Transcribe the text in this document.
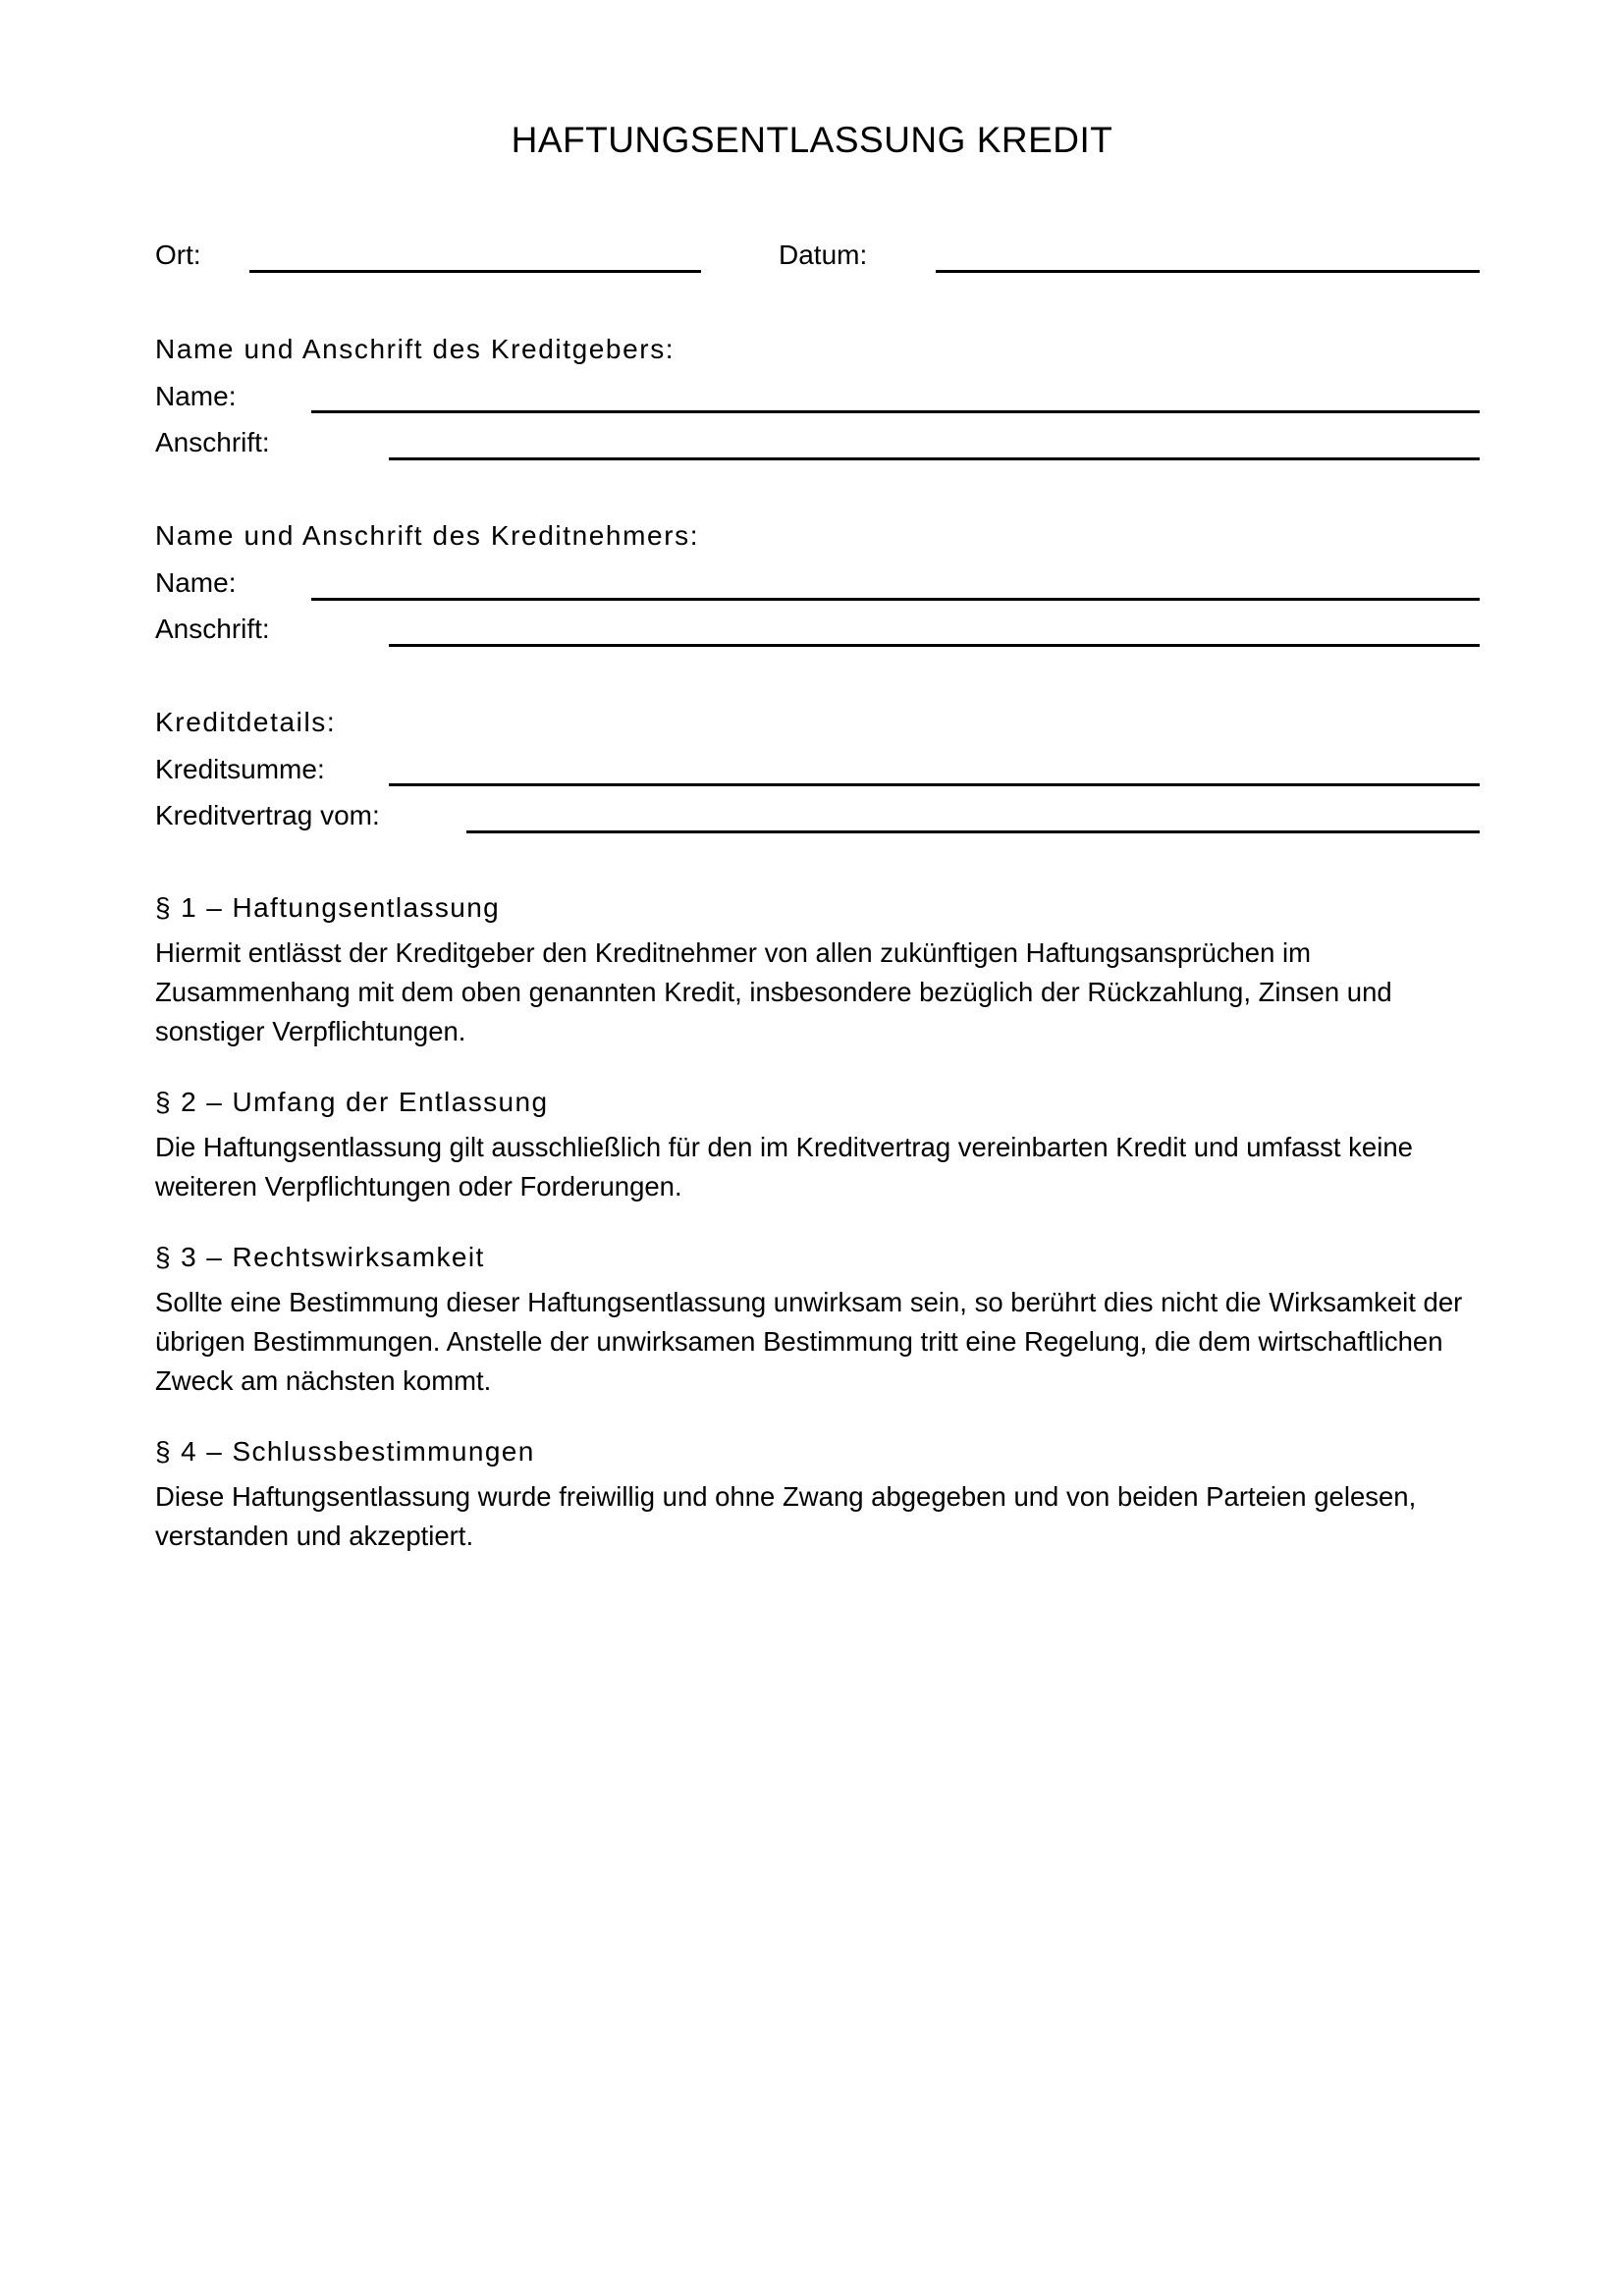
HAFTUNGSENTLASSUNG KREDIT
Ort:	Datum:
Name und Anschrift des Kreditgebers:
Name:
Anschrift:
Name und Anschrift des Kreditnehmers:
Name:
Anschrift:
Kreditdetails:
Kreditsumme:
Kreditvertrag vom:
§ 1 – Haftungsentlassung
Hiermit entlässt der Kreditgeber den Kreditnehmer von allen zukünftigen Haftungsansprüchen im Zusammenhang mit dem oben genannten Kredit, insbesondere bezüglich der Rückzahlung, Zinsen und sonstiger Verpflichtungen.
§ 2 – Umfang der Entlassung
Die Haftungsentlassung gilt ausschließlich für den im Kreditvertrag vereinbarten Kredit und umfasst keine weiteren Verpflichtungen oder Forderungen.
§ 3 – Rechtswirksamkeit
Sollte eine Bestimmung dieser Haftungsentlassung unwirksam sein, so berührt dies nicht die Wirksamkeit der übrigen Bestimmungen. Anstelle der unwirksamen Bestimmung tritt eine Regelung, die dem wirtschaftlichen Zweck am nächsten kommt.
§ 4 – Schlussbestimmungen
Diese Haftungsentlassung wurde freiwillig und ohne Zwang abgegeben und von beiden Parteien gelesen, verstanden und akzeptiert.
